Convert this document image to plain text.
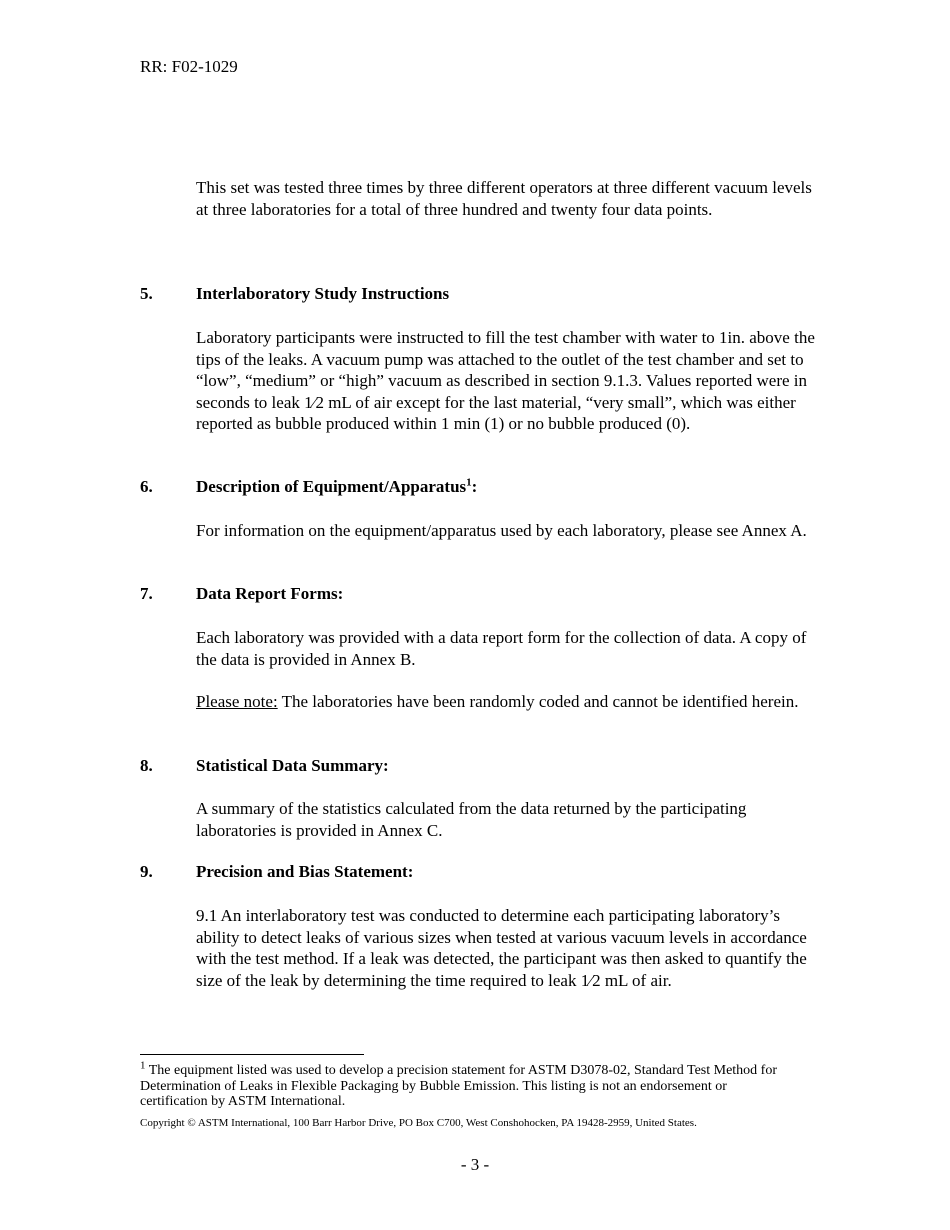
RR: F02-1029
This set was tested three times by three different operators at three different vacuum levels at three laboratories for a total of three hundred and twenty four data points.
5.	Interlaboratory Study Instructions
Laboratory participants were instructed to fill the test chamber with water to 1in. above the tips of the leaks. A vacuum pump was attached to the outlet of the test chamber and set to “low”, “medium” or “high” vacuum as described in section 9.1.3. Values reported were in seconds to leak 1⁄2 mL of air except for the last material, “very small”, which was either reported as bubble produced within 1 min (1) or no bubble produced (0).
6.	Description of Equipment/Apparatus$^1$:
For information on the equipment/apparatus used by each laboratory, please see Annex A.
7.	Data Report Forms:
Each laboratory was provided with a data report form for the collection of data. A copy of the data is provided in Annex B.
Please note: The laboratories have been randomly coded and cannot be identified herein.
8.	Statistical Data Summary:
A summary of the statistics calculated from the data returned by the participating laboratories is provided in Annex C.
9.	Precision and Bias Statement:
9.1 An interlaboratory test was conducted to determine each participating laboratory’s ability to detect leaks of various sizes when tested at various vacuum levels in accordance with the test method. If a leak was detected, the participant was then asked to quantify the size of the leak by determining the time required to leak 1⁄2 mL of air.
$^1$ The equipment listed was used to develop a precision statement for ASTM D3078-02, Standard Test Method for Determination of Leaks in Flexible Packaging by Bubble Emission. This listing is not an endorsement or certification by ASTM International.
Copyright © ASTM International, 100 Barr Harbor Drive, PO Box C700, West Conshohocken, PA 19428-2959, United States.
- 3 -
